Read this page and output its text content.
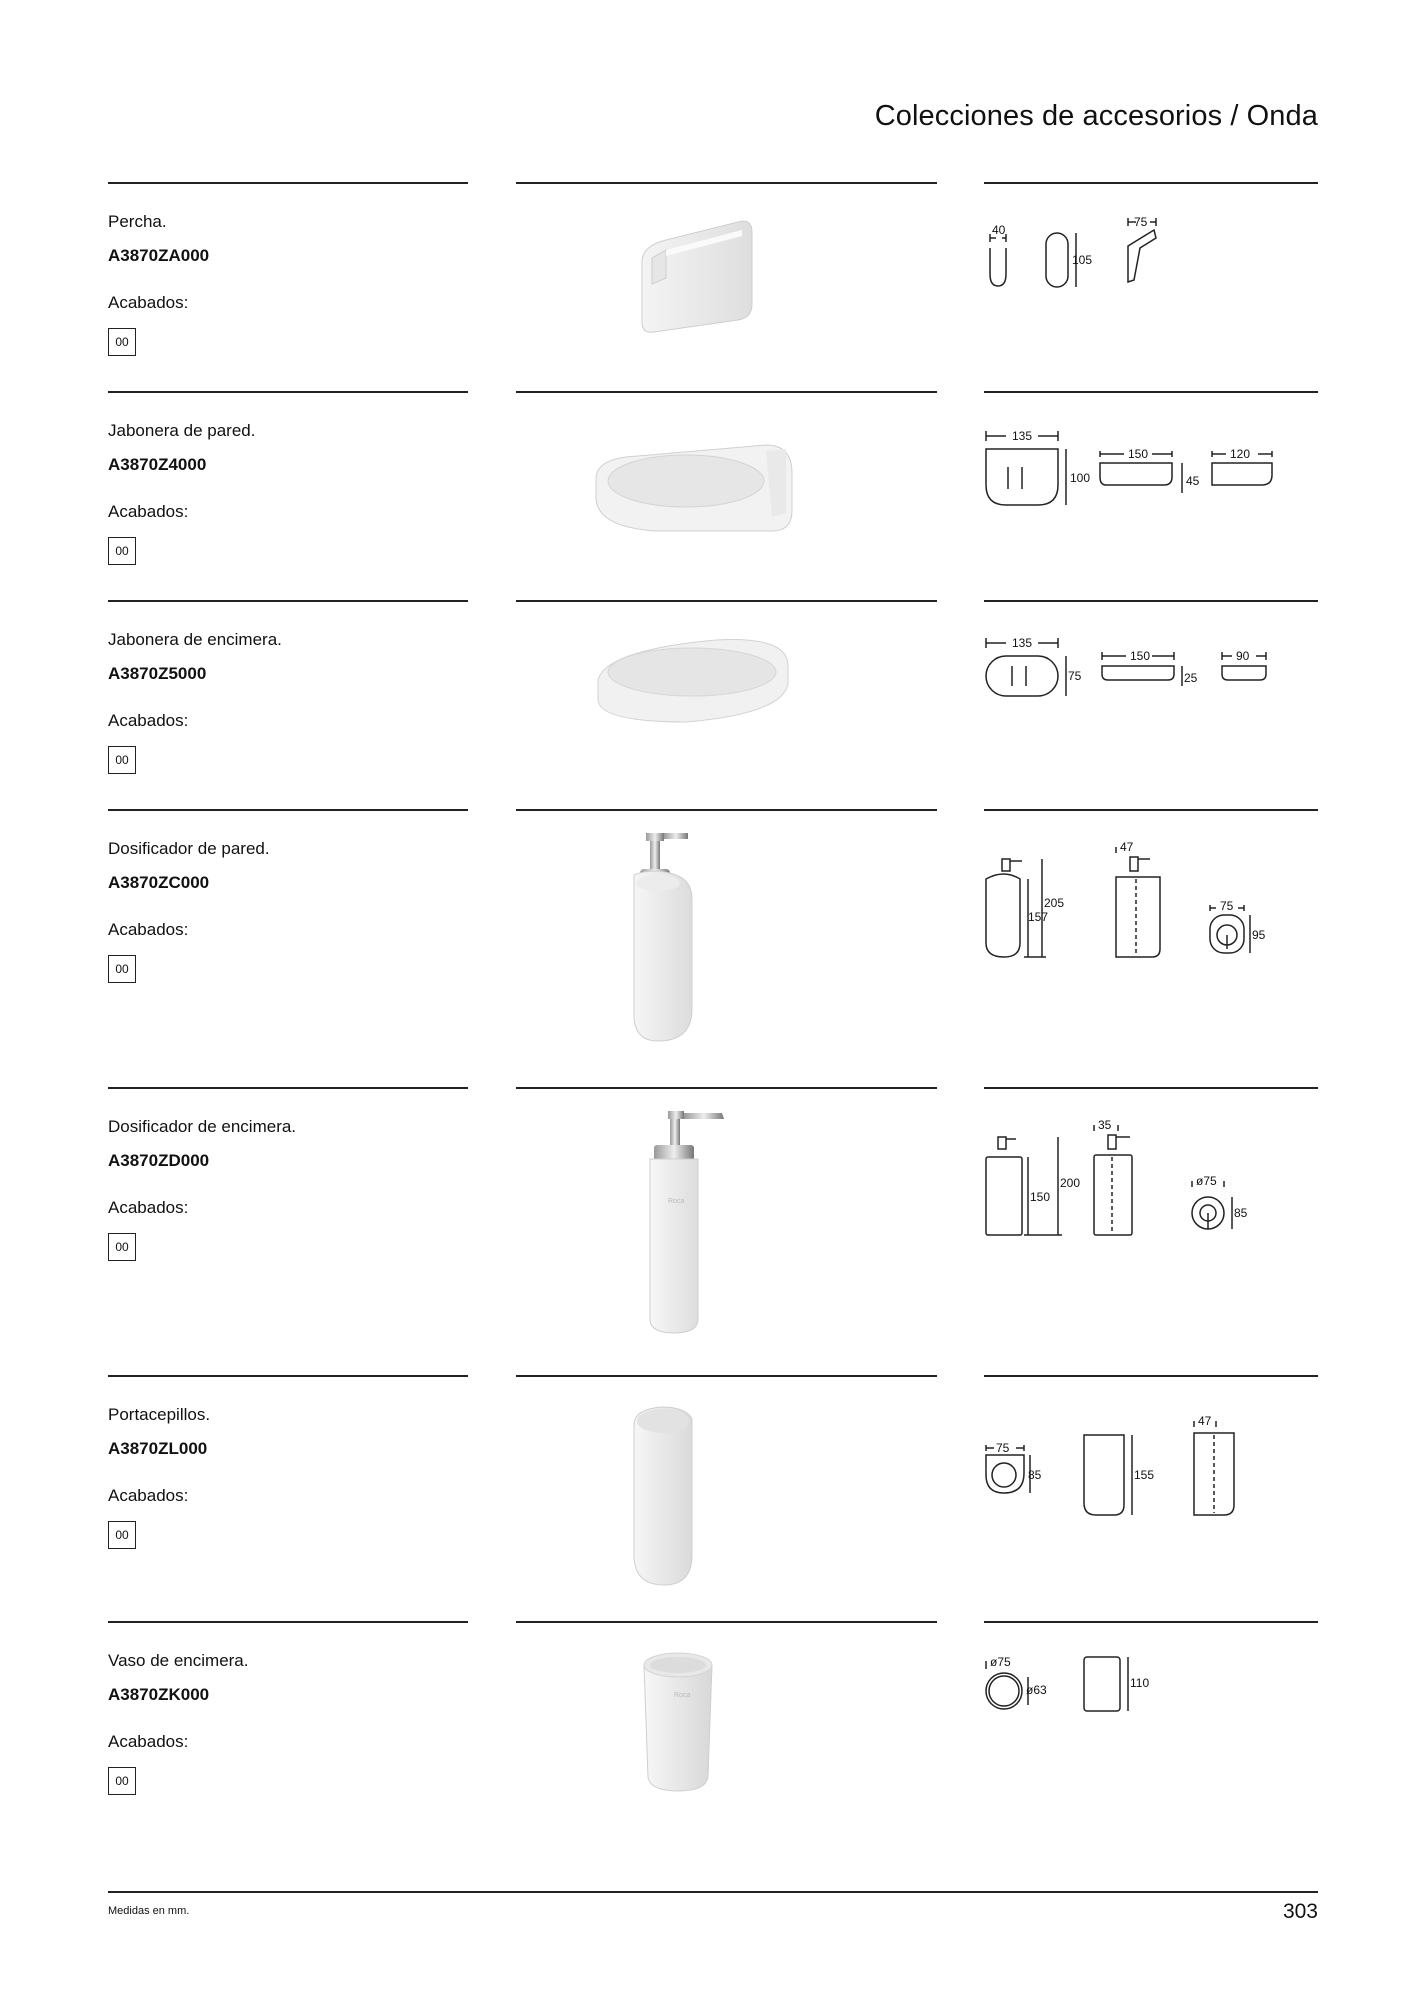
Colecciones de accesorios / Onda
Percha.
A3870ZA000
Acabados:
00
40
105
75
Jabonera de pared.
A3870Z4000
Acabados:
00
135
100
150
45
120
Jabonera de encimera.
A3870Z5000
Acabados:
00
135
75
150
25
90
Dosificador de pared.
A3870ZC000
Acabados:
00
205
157
47
75
95
Dosificador de encimera.
A3870ZD000
Acabados:
00
Roca
200
150
35
ø75
85
Portacepillos.
A3870ZL000
Acabados:
00
75
85	155
47
Vaso de encimera.
A3870ZK000
Acabados:
00
Roca
ø75
ø63	110
Medidas en mm.	303
